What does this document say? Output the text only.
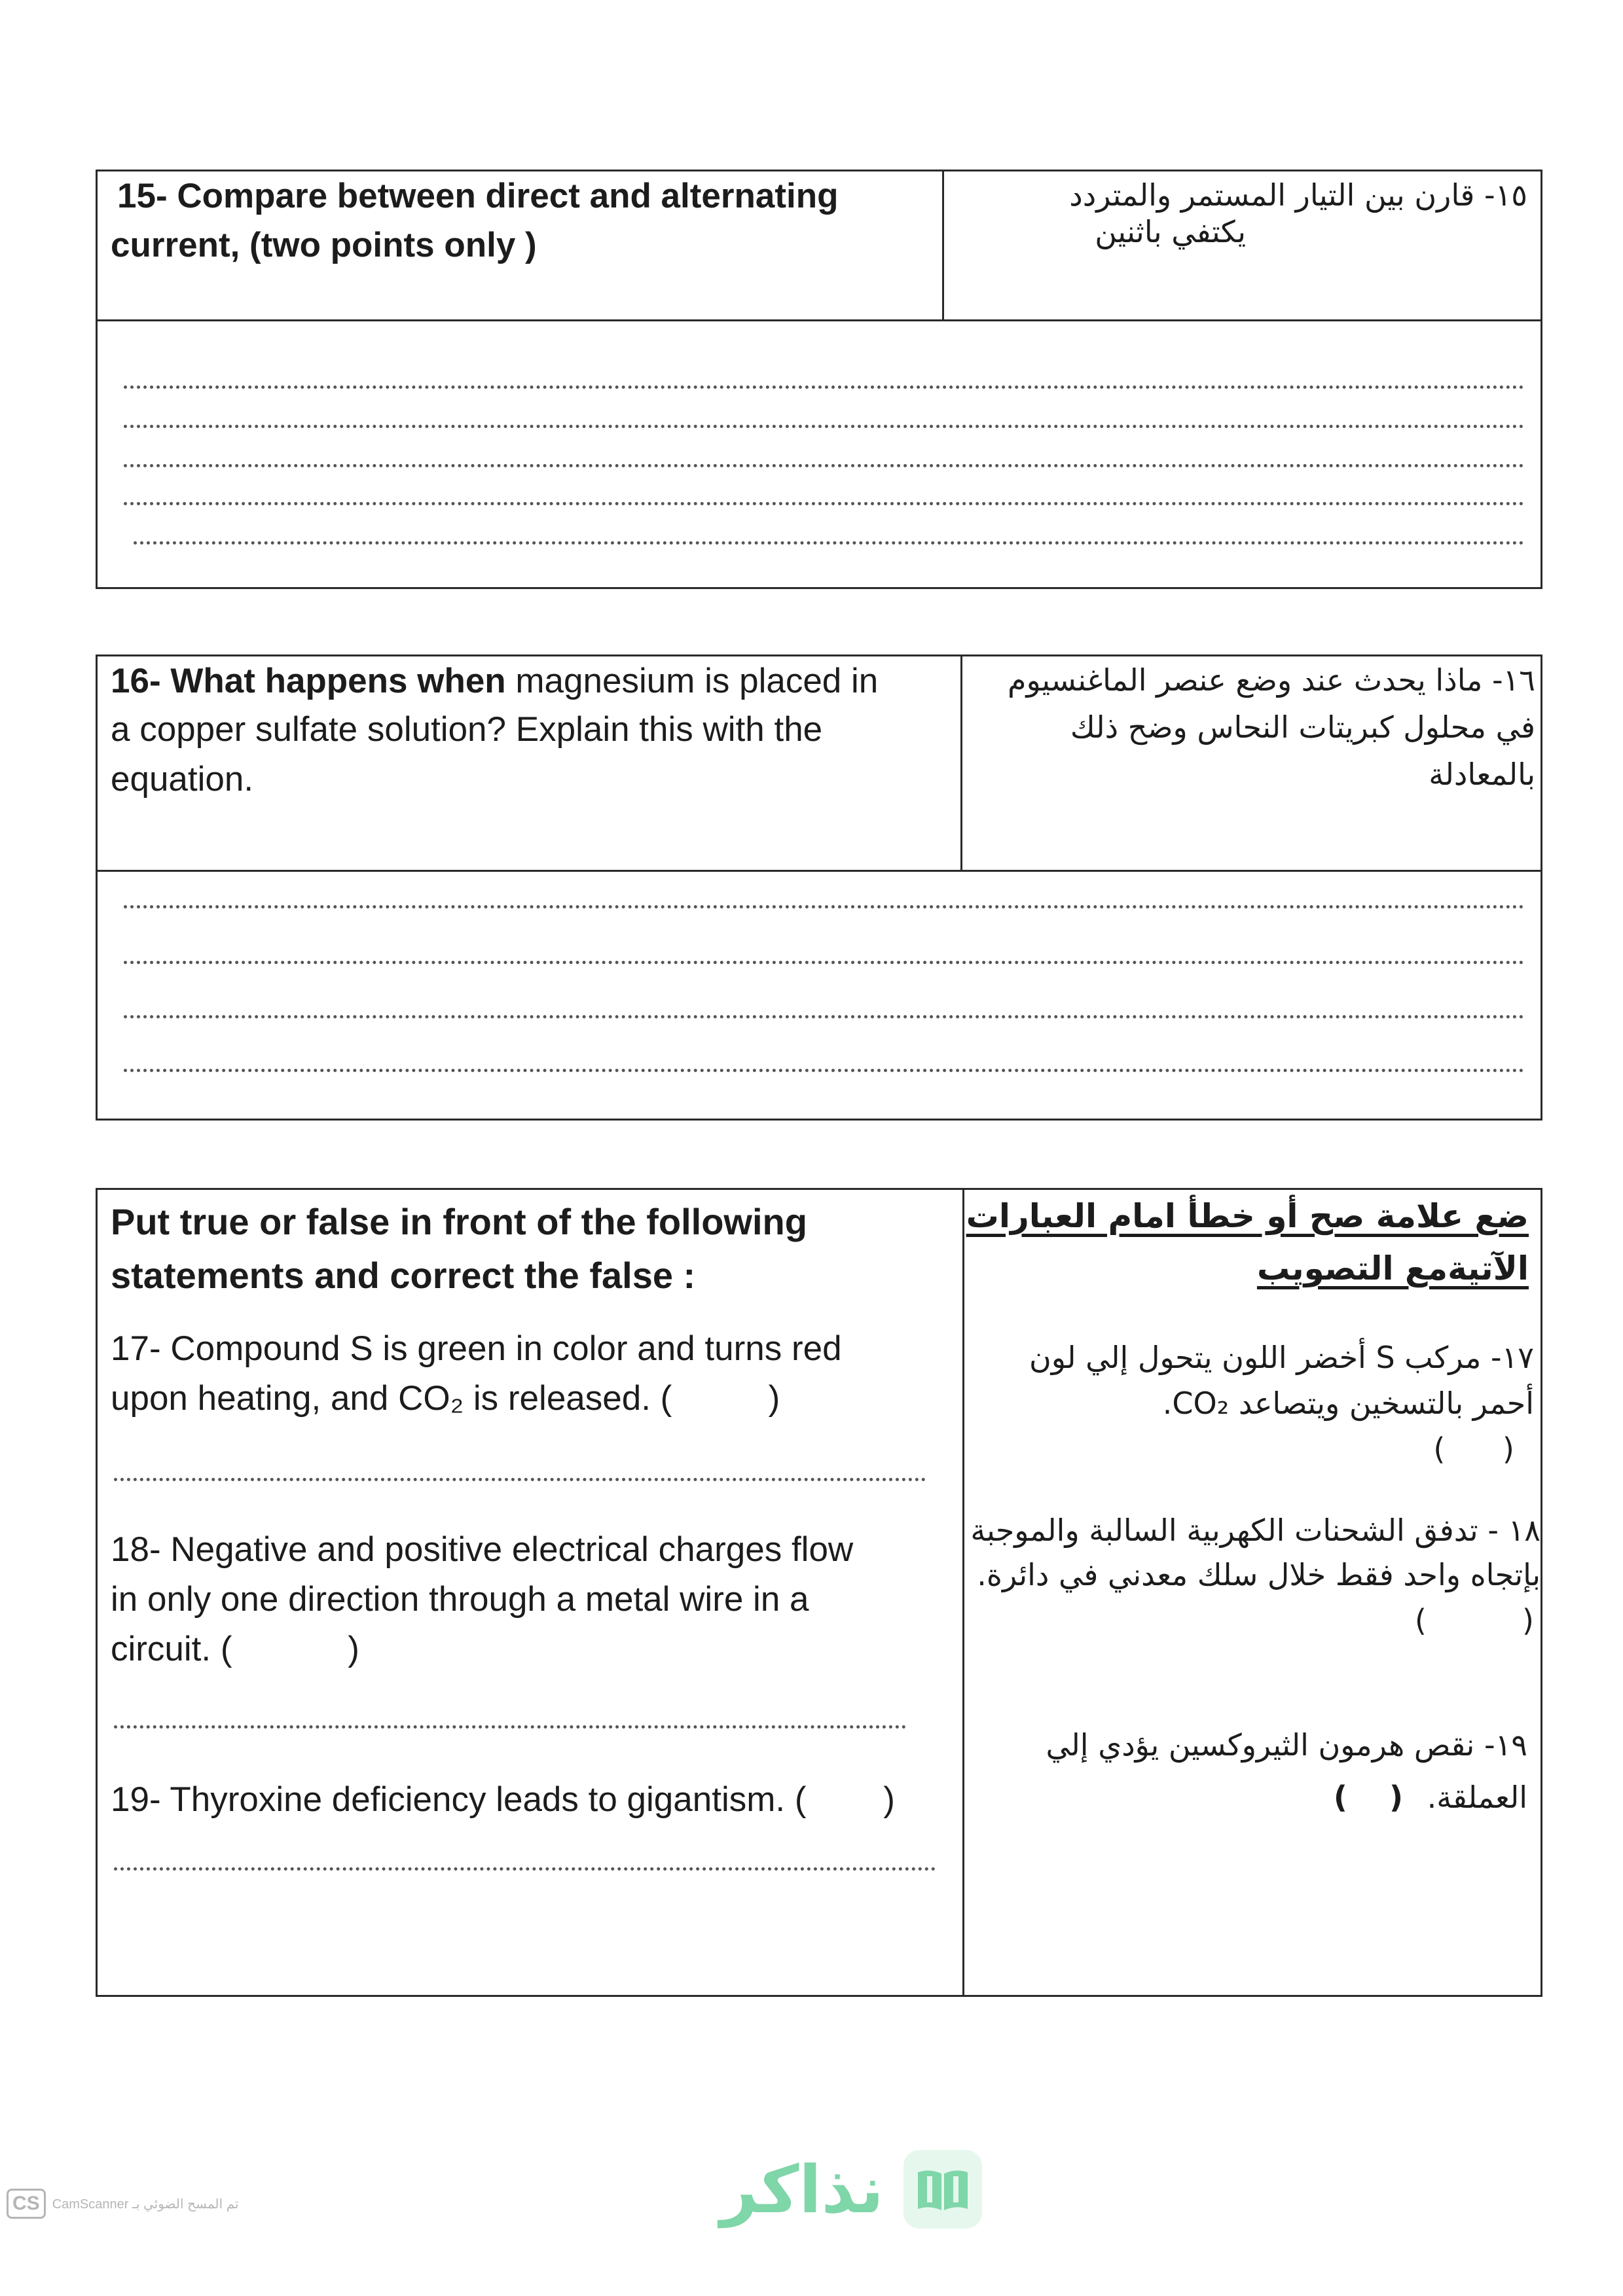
15- Compare between direct and alternating
current, (two points only )
١٥- قارن بين التيار المستمر والمتردد
يكتفي باثنين
16- What happens when magnesium is placed in
a copper sulfate solution? Explain this with the
equation.
١٦- ماذا يحدث عند وضع عنصر الماغنسيوم
في محلول كبريتات النحاس وضح ذلك
بالمعادلة
Put true or false in front of the following
statements and correct the false :
ضع علامة صح أو خطأ امام العبارات
الآتيةمع التصويب
17- Compound S is green in color and turns red
upon heating, and CO₂ is released. (          )
١٧- مركب S أخضر اللون يتحول إلي لون
أحمر بالتسخين ويتصاعد CO₂.
(      )
18- Negative and positive electrical charges flow
in only one direction through a metal wire in a
circuit. (            )
١٨ - تدفق الشحنات الكهربية السالبة والموجبة
بإتجاه واحد فقط خلال سلك معدني في دائرة.
(          )
19- Thyroxine deficiency leads to gigantism. (        )
١٩- نقص هرمون الثيروكسين يؤدي إلي
العملقة.
(    )
CS CamScanner تم المسح الضوئي بـ	نذاكر
